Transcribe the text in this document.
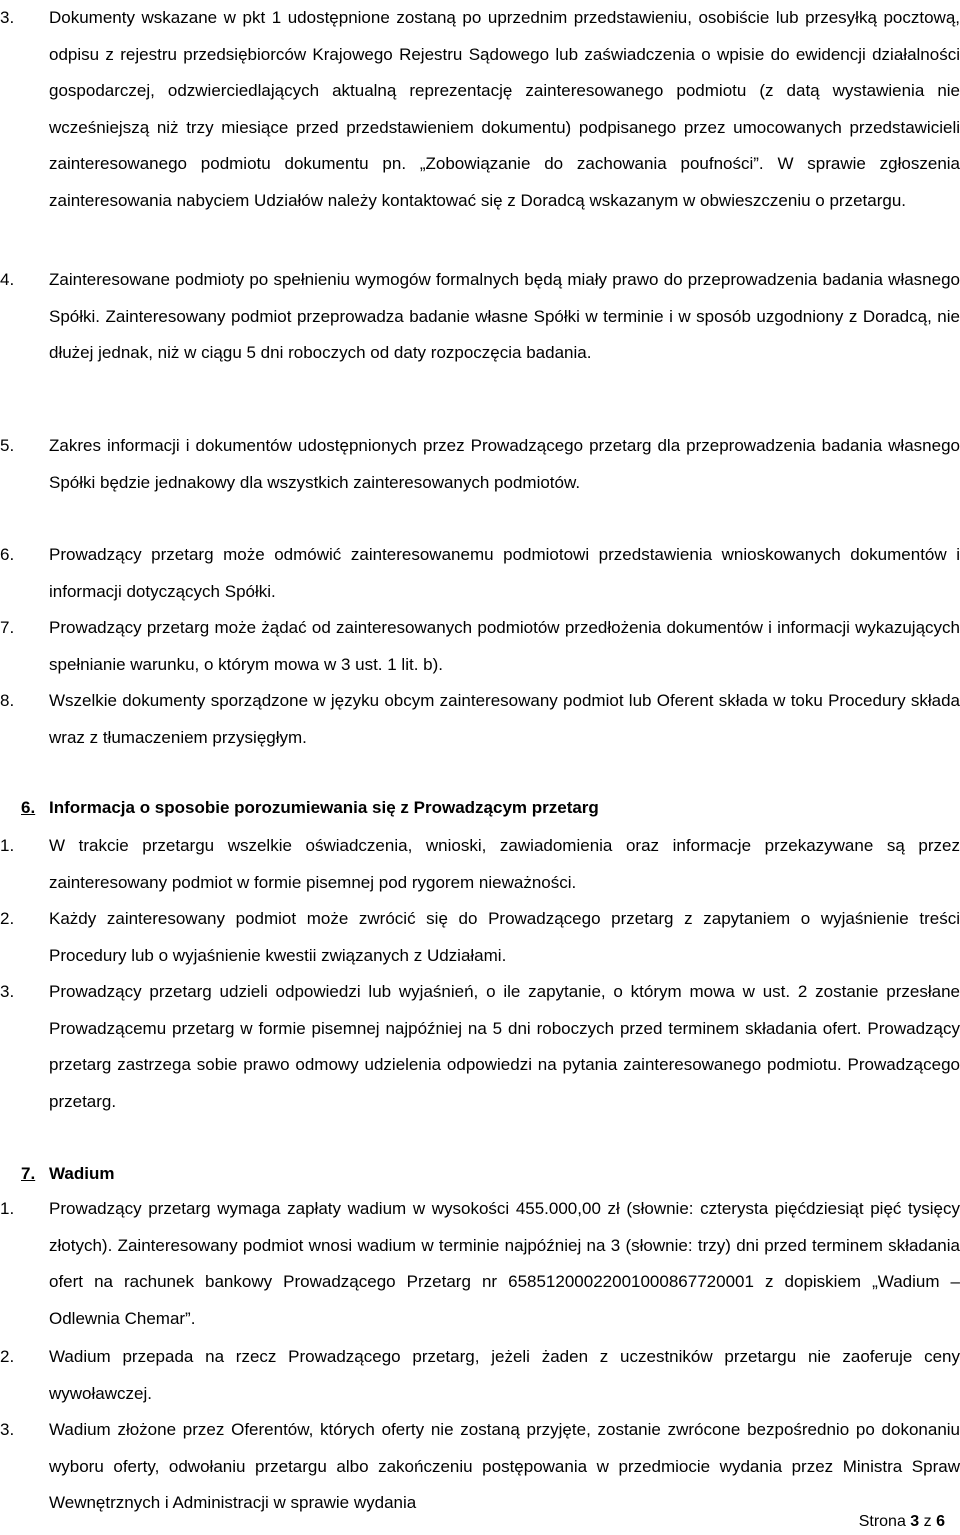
3. Dokumenty wskazane w pkt 1 udostępnione zostaną po uprzednim przedstawieniu, osobiście lub przesyłką pocztową, odpisu z rejestru przedsiębiorców Krajowego Rejestru Sądowego lub zaświadczenia o wpisie do ewidencji działalności gospodarczej, odzwierciedlających aktualną reprezentację zainteresowanego podmiotu (z datą wystawienia nie wcześniejszą niż trzy miesiące przed przedstawieniem dokumentu) podpisanego przez umocowanych przedstawicieli zainteresowanego podmiotu dokumentu pn. „Zobowiązanie do zachowania poufności”. W sprawie zgłoszenia zainteresowania nabyciem Udziałów należy kontaktować się z Doradcą wskazanym w obwieszczeniu o przetargu.
4. Zainteresowane podmioty po spełnieniu wymogów formalnych będą miały prawo do przeprowadzenia badania własnego Spółki. Zainteresowany podmiot przeprowadza badanie własne Spółki w terminie i w sposób uzgodniony z Doradcą, nie dłużej jednak, niż w ciągu 5 dni roboczych od daty rozpoczęcia badania.
5. Zakres informacji i dokumentów udostępnionych przez Prowadzącego przetarg dla przeprowadzenia badania własnego Spółki będzie jednakowy dla wszystkich zainteresowanych podmiotów.
6. Prowadzący przetarg może odmówić zainteresowanemu podmiotowi przedstawienia wnioskowanych dokumentów i informacji dotyczących Spółki.
7. Prowadzący przetarg może żądać od zainteresowanych podmiotów przedłożenia dokumentów i informacji wykazujących spełnianie warunku, o którym mowa w 3 ust. 1 lit. b).
8. Wszelkie dokumenty sporządzone w języku obcym zainteresowany podmiot lub Oferent składa w toku Procedury składa wraz z tłumaczeniem przysięgłym.
6. Informacja o sposobie porozumiewania się z Prowadzącym przetarg
1. W trakcie przetargu wszelkie oświadczenia, wnioski, zawiadomienia oraz informacje przekazywane są przez zainteresowany podmiot w formie pisemnej pod rygorem nieważności.
2. Każdy zainteresowany podmiot może zwrócić się do Prowadzącego przetarg z zapytaniem o wyjaśnienie treści Procedury lub o wyjaśnienie kwestii związanych z Udziałami.
3. Prowadzący przetarg udzieli odpowiedzi lub wyjaśnień, o ile zapytanie, o którym mowa w ust. 2 zostanie przesłane Prowadzącemu przetarg w formie pisemnej najpóźniej na 5 dni roboczych przed terminem składania ofert. Prowadzący przetarg zastrzega sobie prawo odmowy udzielenia odpowiedzi na pytania zainteresowanego podmiotu. Prowadzącego przetarg.
7. Wadium
1. Prowadzący przetarg wymaga zapłaty wadium w wysokości 455.000,00 zł (słownie: czterysta pięćdziesiąt pięć tysięcy złotych). Zainteresowany podmiot wnosi wadium w terminie najpóźniej na 3 (słownie: trzy) dni przed terminem składania ofert na rachunek bankowy Prowadzącego Przetarg nr 65851200022001000867720001 z dopiskiem „Wadium – Odlewnia Chemar”.
2. Wadium przepada na rzecz Prowadzącego przetarg, jeżeli żaden z uczestników przetargu nie zaoferuje ceny wywoławczej.
3. Wadium złożone przez Oferentów, których oferty nie zostaną przyjęte, zostanie zwrócone bezpośrednio po dokonaniu wyboru oferty, odwołaniu przetargu albo zakończeniu postępowania w przedmiocie wydania przez Ministra Spraw Wewnętrznych i Administracji w sprawie wydania
Strona 3 z 6
